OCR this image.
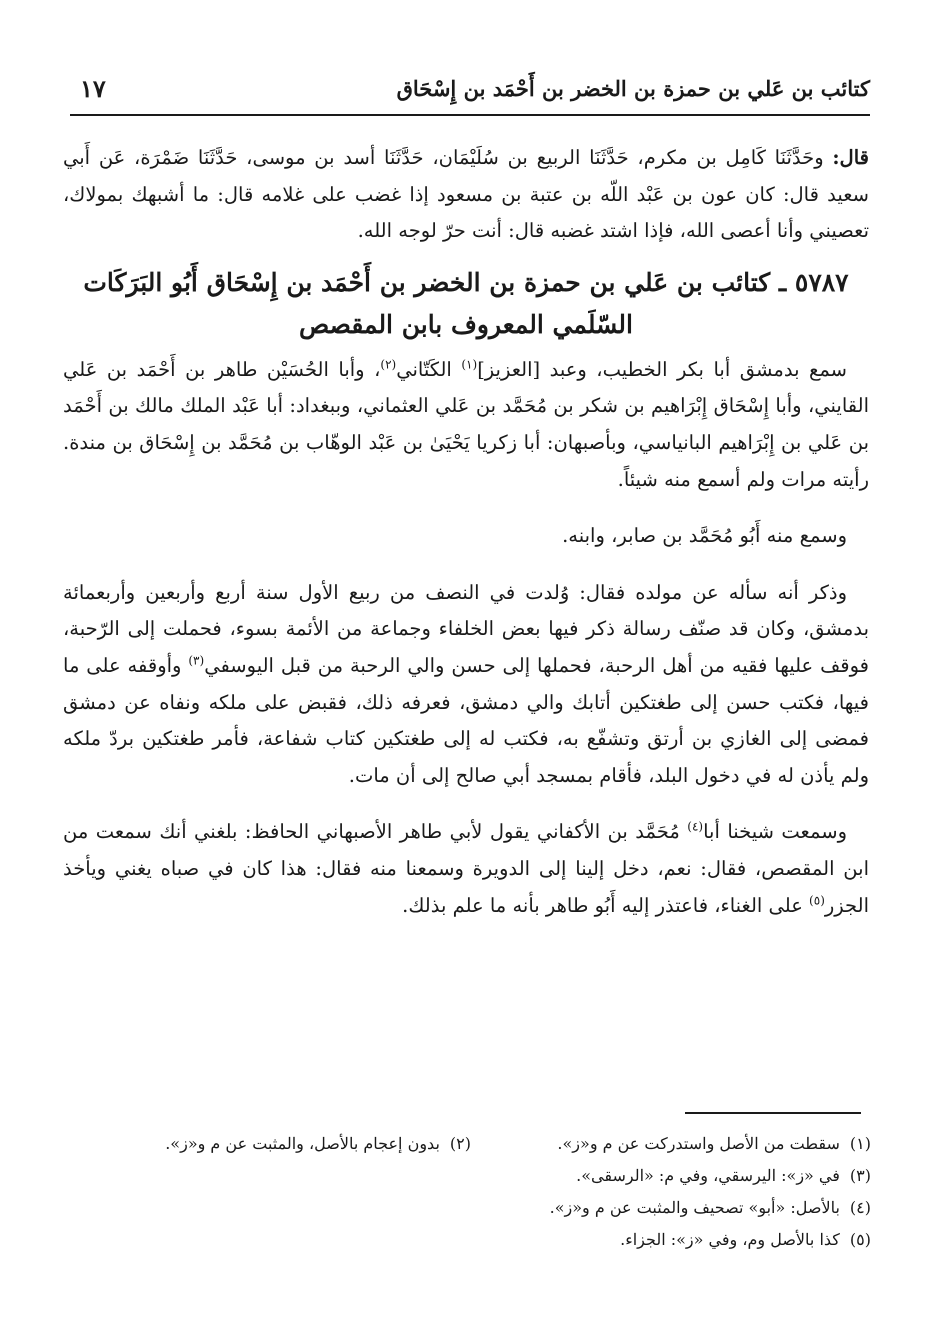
كتائب بن عَلي بن حمزة بن الخضر بن أَحْمَد بن إِسْحَاق
١٧

قال: وحَدَّثَنَا كَامِل بن مكرم، حَدَّثَنَا الربيع بن سُلَيْمَان، حَدَّثَنَا أسد بن موسى، حَدَّثَنَا ضَمْرَة، عَن أَبي سعيد قال: كان عون بن عَبْد اللّه بن عتبة بن مسعود إذا غضب على غلامه قال: ما أشبهك بمولاك، تعصيني وأنا أعصى الله، فإذا اشتد غضبه قال: أنت حرّ لوجه الله.

٥٧٨٧ ـ كتائب بن عَلي بن حمزة بن الخضر بن أَحْمَد بن إِسْحَاق أَبُو البَرَكَات السّلَمي المعروف بابن المقصص

سمع بدمشق أبا بكر الخطيب، وعبد [العزيز]$^{(١)}$ الكَتّاني$^{(٢)}$، وأبا الحُسَيْن طاهر بن أَحْمَد بن عَلي القايني، وأبا إِسْحَاق إِبْرَاهيم بن شكر بن مُحَمَّد بن عَلي العثماني، وببغداد: أبا عَبْد الملك مالك بن أَحْمَد بن عَلي بن إِبْرَاهيم البانياسي، وبأصبهان: أبا زكريا يَحْيَىٰ بن عَبْد الوهّاب بن مُحَمَّد بن إِسْحَاق بن مندة. رأيته مرات ولم أسمع منه شيئاً.

وسمع منه أَبُو مُحَمَّد بن صابر، وابنه.

وذكر أنه سأله عن مولده فقال: وُلدت في النصف من ربيع الأول سنة أربع وأربعين وأربعمائة بدمشق، وكان قد صنّف رسالة ذكر فيها بعض الخلفاء وجماعة من الأئمة بسوء، فحملت إلى الرّحبة، فوقف عليها فقيه من أهل الرحبة، فحملها إلى حسن والي الرحبة من قبل اليوسفي$^{(٣)}$ وأوقفه على ما فيها، فكتب حسن إلى طغتكين أتابك والي دمشق، فعرفه ذلك، فقبض على ملكه ونفاه عن دمشق فمضى إلى الغازي بن أرتق وتشفّع به، فكتب له إلى طغتكين كتاب شفاعة، فأمر طغتكين بردّ ملكه ولم يأذن له في دخول البلد، فأقام بمسجد أبي صالح إلى أن مات.

وسمعت شيخنا أبا$^{(٤)}$ مُحَمَّد بن الأكفاني يقول لأبي طاهر الأصبهاني الحافظ: بلغني أنك سمعت من ابن المقصص، فقال: نعم، دخل إلينا إلى الدويرة وسمعنا منه فقال: هذا كان في صباه يغني ويأخذ الجزر$^{(٥)}$ على الغناء، فاعتذر إليه أَبُو طاهر بأنه ما علم بذلك.

(١)سقطت من الأصل واستدركت عن م و«ز».
(٢)بدون إعجام بالأصل، والمثبت عن م و«ز».
(٣)في «ز»: اليرسقي، وفي م: «الرسقى».
(٤)بالأصل: «أبو» تصحيف والمثبت عن م و«ز».
(٥)كذا بالأصل وم، وفي «ز»: الجزاء.
